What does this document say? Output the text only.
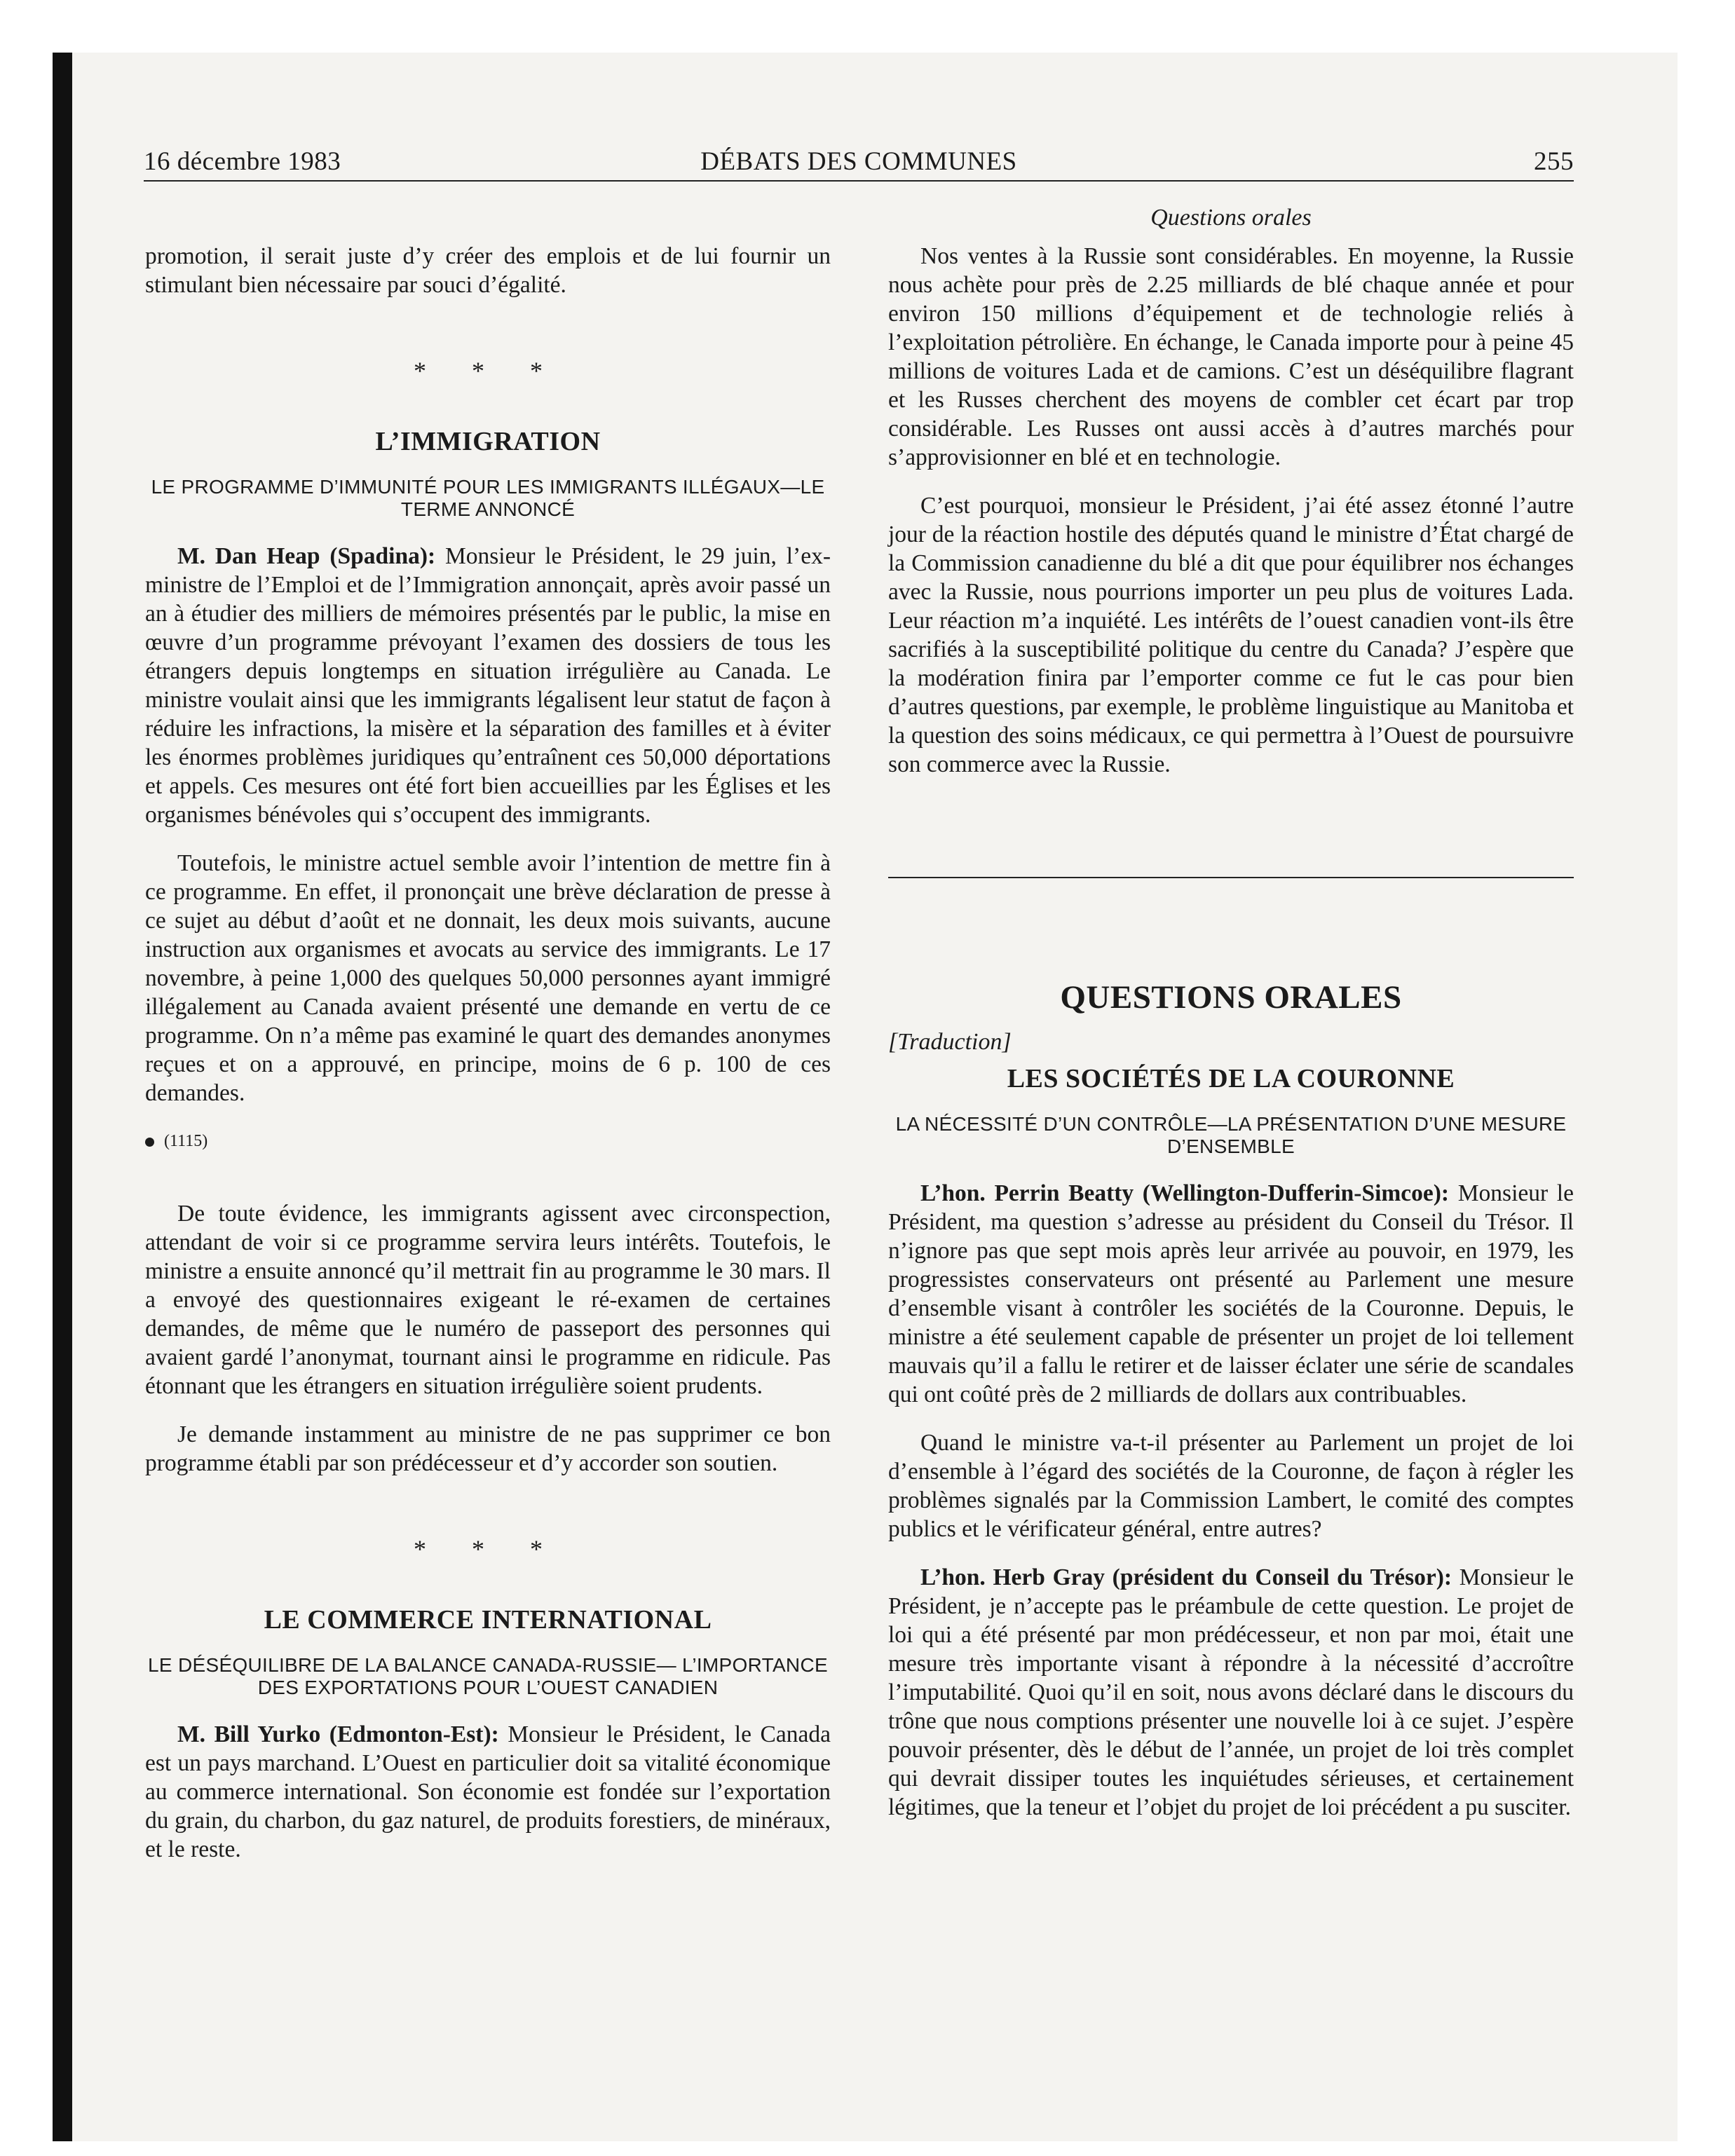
16 décembre 1983	DÉBATS DES COMMUNES	255

promotion, il serait juste d’y créer des emplois et de lui fournir un stimulant bien nécessaire par souci d’égalité.

* * *
L’IMMIGRATION
LE PROGRAMME D’IMMUNITÉ POUR LES IMMIGRANTS ILLÉGAUX—LE TERME ANNONCÉ

M. Dan Heap (Spadina): Monsieur le Président, le 29 juin, l’ex-ministre de l’Emploi et de l’Immigration annonçait, après avoir passé un an à étudier des milliers de mémoires présentés par le public, la mise en œuvre d’un programme prévoyant l’examen des dossiers de tous les étrangers depuis longtemps en situation irrégulière au Canada. Le ministre voulait ainsi que les immigrants légalisent leur statut de façon à réduire les infractions, la misère et la séparation des familles et à éviter les énormes problèmes juridiques qu’entraînent ces 50,000 déportations et appels. Ces mesures ont été fort bien accueillies par les Églises et les organismes bénévoles qui s’occupent des immigrants.

Toutefois, le ministre actuel semble avoir l’intention de mettre fin à ce programme. En effet, il prononçait une brève déclaration de presse à ce sujet au début d’août et ne donnait, les deux mois suivants, aucune instruction aux organismes et avocats au service des immigrants. Le 17 novembre, à peine 1,000 des quelques 50,000 personnes ayant immigré illégalement au Canada avaient présenté une demande en vertu de ce programme. On n’a même pas examiné le quart des demandes anonymes reçues et on a approuvé, en principe, moins de 6 p. 100 de ces demandes.

(1115)

De toute évidence, les immigrants agissent avec circonspection, attendant de voir si ce programme servira leurs intérêts. Toutefois, le ministre a ensuite annoncé qu’il mettrait fin au programme le 30 mars. Il a envoyé des questionnaires exigeant le ré-examen de certaines demandes, de même que le numéro de passeport des personnes qui avaient gardé l’anonymat, tournant ainsi le programme en ridicule. Pas étonnant que les étrangers en situation irrégulière soient prudents.

Je demande instamment au ministre de ne pas supprimer ce bon programme établi par son prédécesseur et d’y accorder son soutien.

* * *
LE COMMERCE INTERNATIONAL
LE DÉSÉQUILIBRE DE LA BALANCE CANADA-RUSSIE— L’IMPORTANCE DES EXPORTATIONS POUR L’OUEST CANADIEN

M. Bill Yurko (Edmonton-Est): Monsieur le Président, le Canada est un pays marchand. L’Ouest en particulier doit sa vitalité économique au commerce international. Son économie est fondée sur l’exportation du grain, du charbon, du gaz naturel, de produits forestiers, de minéraux, et le reste.

Questions orales

Nos ventes à la Russie sont considérables. En moyenne, la Russie nous achète pour près de 2.25 milliards de blé chaque année et pour environ 150 millions d’équipement et de technologie reliés à l’exploitation pétrolière. En échange, le Canada importe pour à peine 45 millions de voitures Lada et de camions. C’est un déséquilibre flagrant et les Russes cherchent des moyens de combler cet écart par trop considérable. Les Russes ont aussi accès à d’autres marchés pour s’approvisionner en blé et en technologie.

C’est pourquoi, monsieur le Président, j’ai été assez étonné l’autre jour de la réaction hostile des députés quand le ministre d’État chargé de la Commission canadienne du blé a dit que pour équilibrer nos échanges avec la Russie, nous pourrions importer un peu plus de voitures Lada. Leur réaction m’a inquiété. Les intérêts de l’ouest canadien vont-ils être sacrifiés à la susceptibilité politique du centre du Canada? J’espère que la modération finira par l’emporter comme ce fut le cas pour bien d’autres questions, par exemple, le problème linguistique au Manitoba et la question des soins médicaux, ce qui permettra à l’Ouest de poursuivre son commerce avec la Russie.

QUESTIONS ORALES
[Traduction]
LES SOCIÉTÉS DE LA COURONNE
LA NÉCESSITÉ D’UN CONTRÔLE—LA PRÉSENTATION D’UNE MESURE D’ENSEMBLE

L’hon. Perrin Beatty (Wellington-Dufferin-Simcoe): Monsieur le Président, ma question s’adresse au président du Conseil du Trésor. Il n’ignore pas que sept mois après leur arrivée au pouvoir, en 1979, les progressistes conservateurs ont présenté au Parlement une mesure d’ensemble visant à contrôler les sociétés de la Couronne. Depuis, le ministre a été seulement capable de présenter un projet de loi tellement mauvais qu’il a fallu le retirer et de laisser éclater une série de scandales qui ont coûté près de 2 milliards de dollars aux contribuables.

Quand le ministre va-t-il présenter au Parlement un projet de loi d’ensemble à l’égard des sociétés de la Couronne, de façon à régler les problèmes signalés par la Commission Lambert, le comité des comptes publics et le vérificateur général, entre autres?

L’hon. Herb Gray (président du Conseil du Trésor): Monsieur le Président, je n’accepte pas le préambule de cette question. Le projet de loi qui a été présenté par mon prédécesseur, et non par moi, était une mesure très importante visant à répondre à la nécessité d’accroître l’imputabilité. Quoi qu’il en soit, nous avons déclaré dans le discours du trône que nous comptions présenter une nouvelle loi à ce sujet. J’espère pouvoir présenter, dès le début de l’année, un projet de loi très complet qui devrait dissiper toutes les inquiétudes sérieuses, et certainement légitimes, que la teneur et l’objet du projet de loi précédent a pu susciter.
